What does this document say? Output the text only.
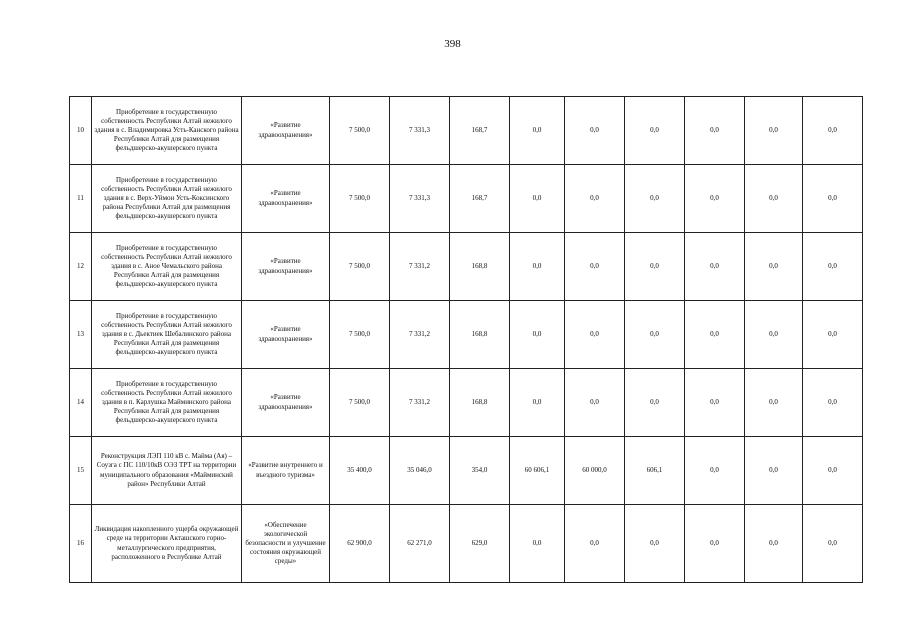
398
10	Приобретение в государственную собственность Республики Алтай нежилого здания в с. Владимировка Усть-Канского района Республики Алтай для размещения фельдшерско-акушерского пункта	«Развитие здравоохранения»	7 500,0	7 331,3	168,7	0,0	0,0	0,0	0,0	0,0	0,0
11	Приобретение в государственную собственность Республики Алтай нежилого здания в с. Верх-Уймон Усть-Коксинского района Республики Алтай для размещения фельдшерско-акушерского пункта	«Развитие здравоохранения»	7 500,0	7 331,3	168,7	0,0	0,0	0,0	0,0	0,0	0,0
12	Приобретение в государственную собственность Республики Алтай нежилого здания в с. Аное Чемальского района Республики Алтай для размещения фельдшерско-акушерского пункта	«Развитие здравоохранения»	7 500,0	7 331,2	168,8	0,0	0,0	0,0	0,0	0,0	0,0
13	Приобретение в государственную собственность Республики Алтай нежилого здания в с. Дьектиек Шебалинского района Республики Алтай для размещения фельдшерско-акушерского пункта	«Развитие здравоохранения»	7 500,0	7 331,2	168,8	0,0	0,0	0,0	0,0	0,0	0,0
14	Приобретение в государственную собственность Республики Алтай нежилого здания в п. Карлушка Майминского района Республики Алтай для размещения фельдшерско-акушерского пункта	«Развитие здравоохранения»	7 500,0	7 331,2	168,8	0,0	0,0	0,0	0,0	0,0	0,0
15	Реконструкция ЛЭП 110 кВ с. Майма (Ая) – Соузга с ПС 110/10кВ ОЭЗ ТРТ на территории муниципального образования «Майминский район» Республики Алтай	«Развитие внутреннего и въездного туризма»	35 400,0	35 046,0	354,0	60 606,1	60 000,0	606,1	0,0	0,0	0,0
16	Ликвидация накопленного ущерба окружающей среде на территории Акташского горно-металлургического предприятия, расположенного в Республике Алтай	«Обеспечение экологической безопасности и улучшение состояния окружающей среды»	62 900,0	62 271,0	629,0	0,0	0,0	0,0	0,0	0,0	0,0
